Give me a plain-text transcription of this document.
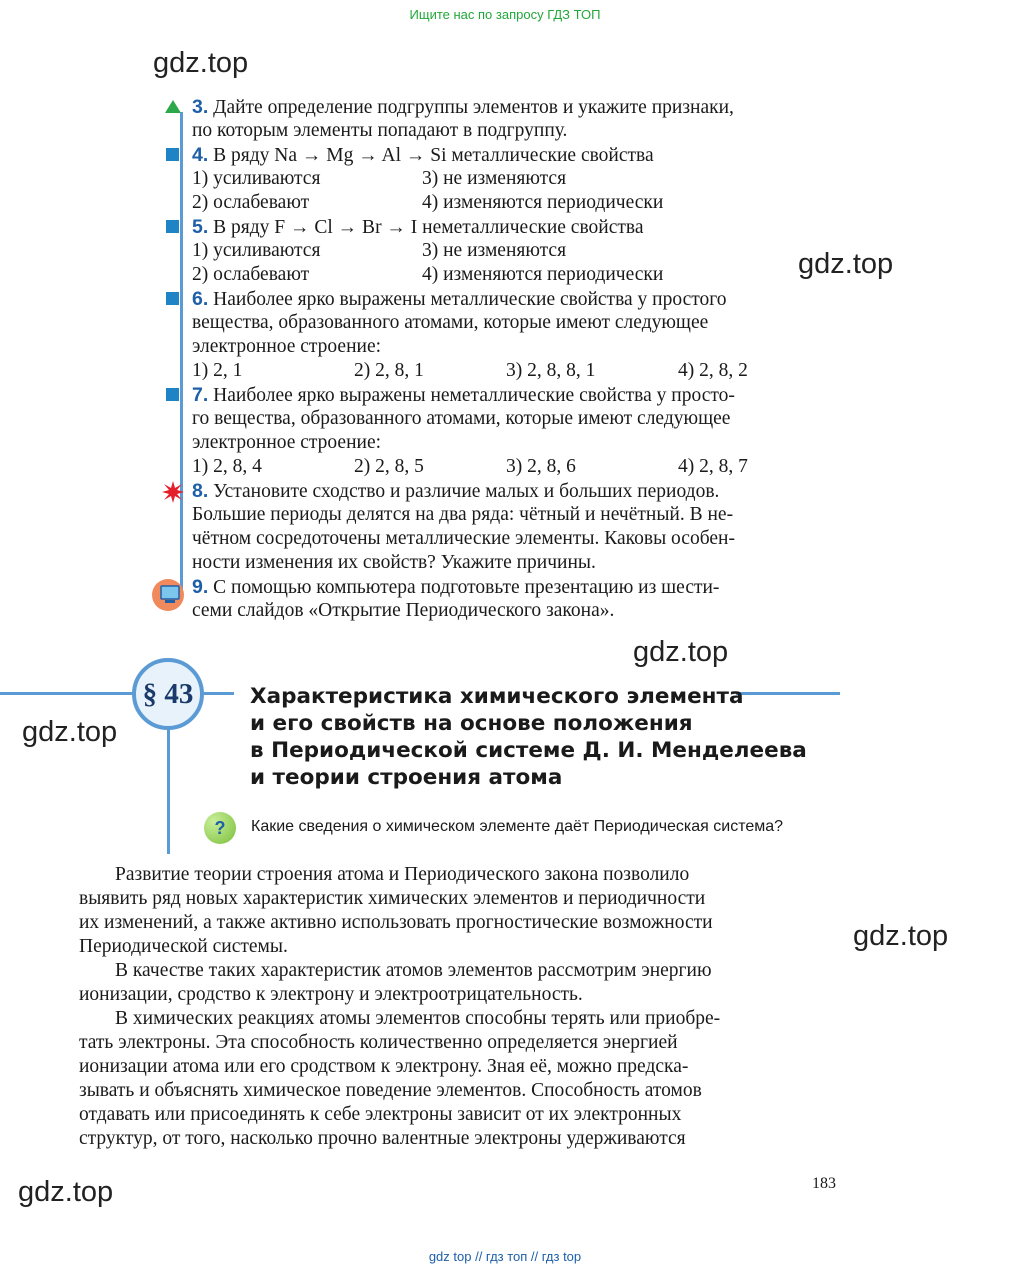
Ищите нас по запросу ГДЗ ТОП
gdz.top
gdz.top
gdz.top
gdz.top
gdz.top
gdz.top
3. Дайте определение подгруппы элементов и укажите признаки,
по которым элементы попадают в подгруппу.
4. В ряду Na → Mg → Al → Si металлические свойства
1) усиливаются	3) не изменяются
2) ослабевают	4) изменяются периодически
5. В ряду F → Cl → Br → I неметаллические свойства
1) усиливаются	3) не изменяются
2) ослабевают	4) изменяются периодически
6. Наиболее ярко выражены металлические свойства у простого
вещества, образованного атомами, которые имеют следующее
электронное строение:
1) 2, 1	2) 2, 8, 1	3) 2, 8, 8, 1	4) 2, 8, 2
7. Наиболее ярко выражены неметаллические свойства у просто-
го вещества, образованного атомами, которые имеют следующее
электронное строение:
1) 2, 8, 4	2) 2, 8, 5	3) 2, 8, 6	4) 2, 8, 7
8. Установите сходство и различие малых и больших периодов.
Большие периоды делятся на два ряда: чётный и нечётный. В не-
чётном сосредоточены металлические элементы. Каковы особен-
ности изменения их свойств? Укажите причины.
9. С помощью компьютера подготовьте презентацию из шести-
семи слайдов «Открытие Периодического закона».
§ 43	Характеристика химического элемента
и его свойств на основе положения
в Периодической системе Д. И. Менделеева
и теории строения атома
?	Какие сведения о химическом элементе даёт Периодическая система?
Развитие теории строения атома и Периодического закона позволило
выявить ряд новых характеристик химических элементов и периодичности
их изменений, а также активно использовать прогностические возможности
Периодической системы.
В качестве таких характеристик атомов элементов рассмотрим энергию
ионизации, сродство к электрону и электроотрицательность.
В химических реакциях атомы элементов способны терять или приобре-
тать электроны. Эта способность количественно определяется энергией
ионизации атома или его сродством к электрону. Зная её, можно предска-
зывать и объяснять химическое поведение элементов. Способность атомов
отдавать или присоединять к себе электроны зависит от их электронных
структур, от того, насколько прочно валентные электроны удерживаются
183
gdz top // гдз топ // гдз top
